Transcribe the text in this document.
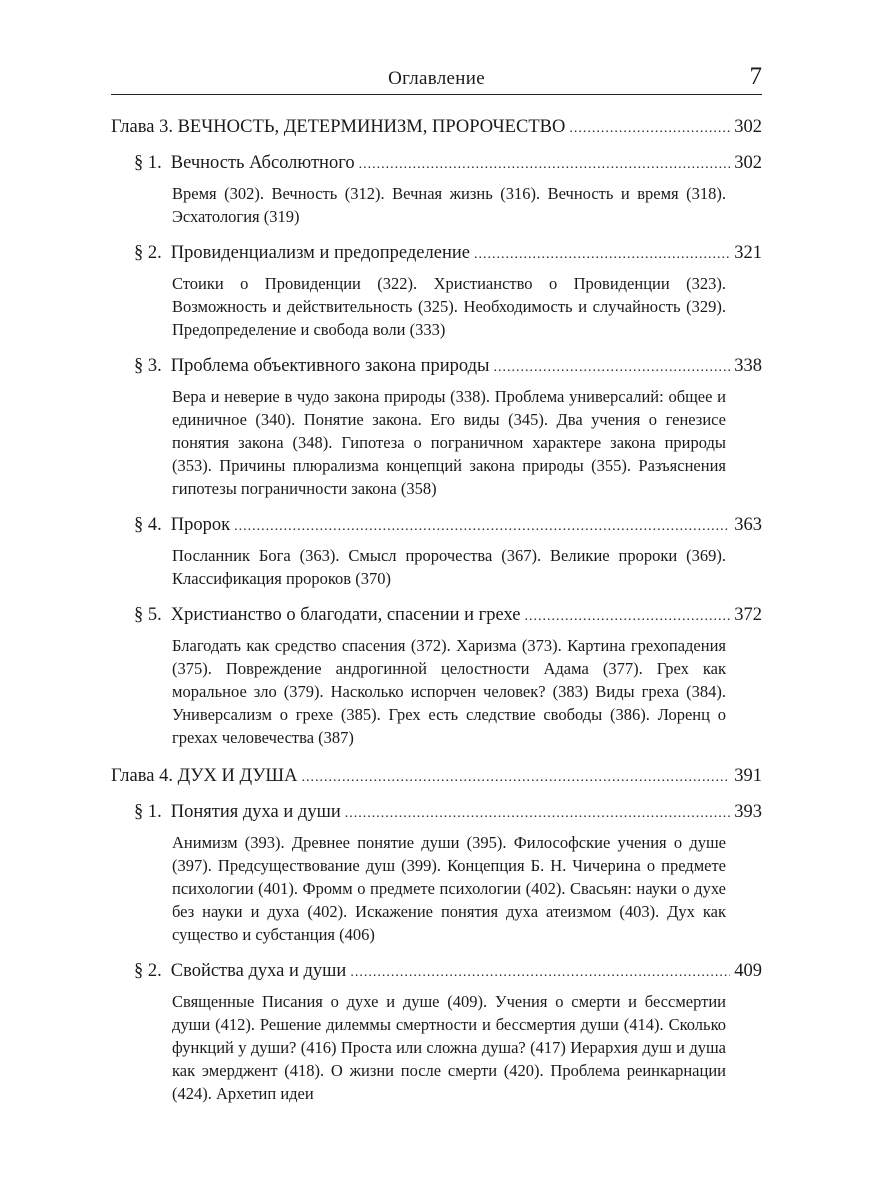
Оглавление	7
Глава 3. ВЕЧНОСТЬ, ДЕТЕРМИНИЗМ, ПРОРОЧЕСТВО .....	302
§ 1. Вечность Абсолютного .....	302
Время (302). Вечность (312). Вечная жизнь (316). Вечность и время (318). Эсхатология (319)
§ 2. Провиденциализм и предопределение .....	321
Стоики о Провиденции (322). Христианство о Провиденции (323). Возможность и действительность (325). Необходимость и случайность (329). Предопределение и свобода воли (333)
§ 3. Проблема объективного закона природы .....	338
Вера и неверие в чудо закона природы (338). Проблема универсалий: общее и единичное (340). Понятие закона. Его виды (345). Два учения о генезисе понятия закона (348). Гипотеза о пограничном характере закона природы (353). Причины плюрализма концепций закона природы (355). Разъяснения гипотезы пограничности закона (358)
§ 4. Пророк .....	363
Посланник Бога (363). Смысл пророчества (367). Великие пророки (369). Классификация пророков (370)
§ 5. Христианство о благодати, спасении и грехе .....	372
Благодать как средство спасения (372). Харизма (373). Картина грехопадения (375). Повреждение андрогинной целостности Адама (377). Грех как моральное зло (379). Насколько испорчен человек? (383) Виды греха (384). Универсализм о грехе (385). Грех есть следствие свободы (386). Лоренц о грехах человечества (387)
Глава 4. ДУХ И ДУША .....	391
§ 1. Понятия духа и души .....	393
Анимизм (393). Древнее понятие души (395). Философские учения о душе (397). Предсуществование душ (399). Концепция Б. Н. Чичерина о предмете психологии (401). Фромм о предмете психологии (402). Свасьян: науки о духе без науки и духа (402). Искажение понятия духа атеизмом (403). Дух как существо и субстанция (406)
§ 2. Свойства духа и души .....	409
Священные Писания о духе и душе (409). Учения о смерти и бессмертии души (412). Решение дилеммы смертности и бессмертия души (414). Сколько функций у души? (416) Проста или сложна душа? (417) Иерархия душ и душа как эмерджент (418). О жизни после смерти (420). Проблема реинкарнации (424). Архетип идеи
